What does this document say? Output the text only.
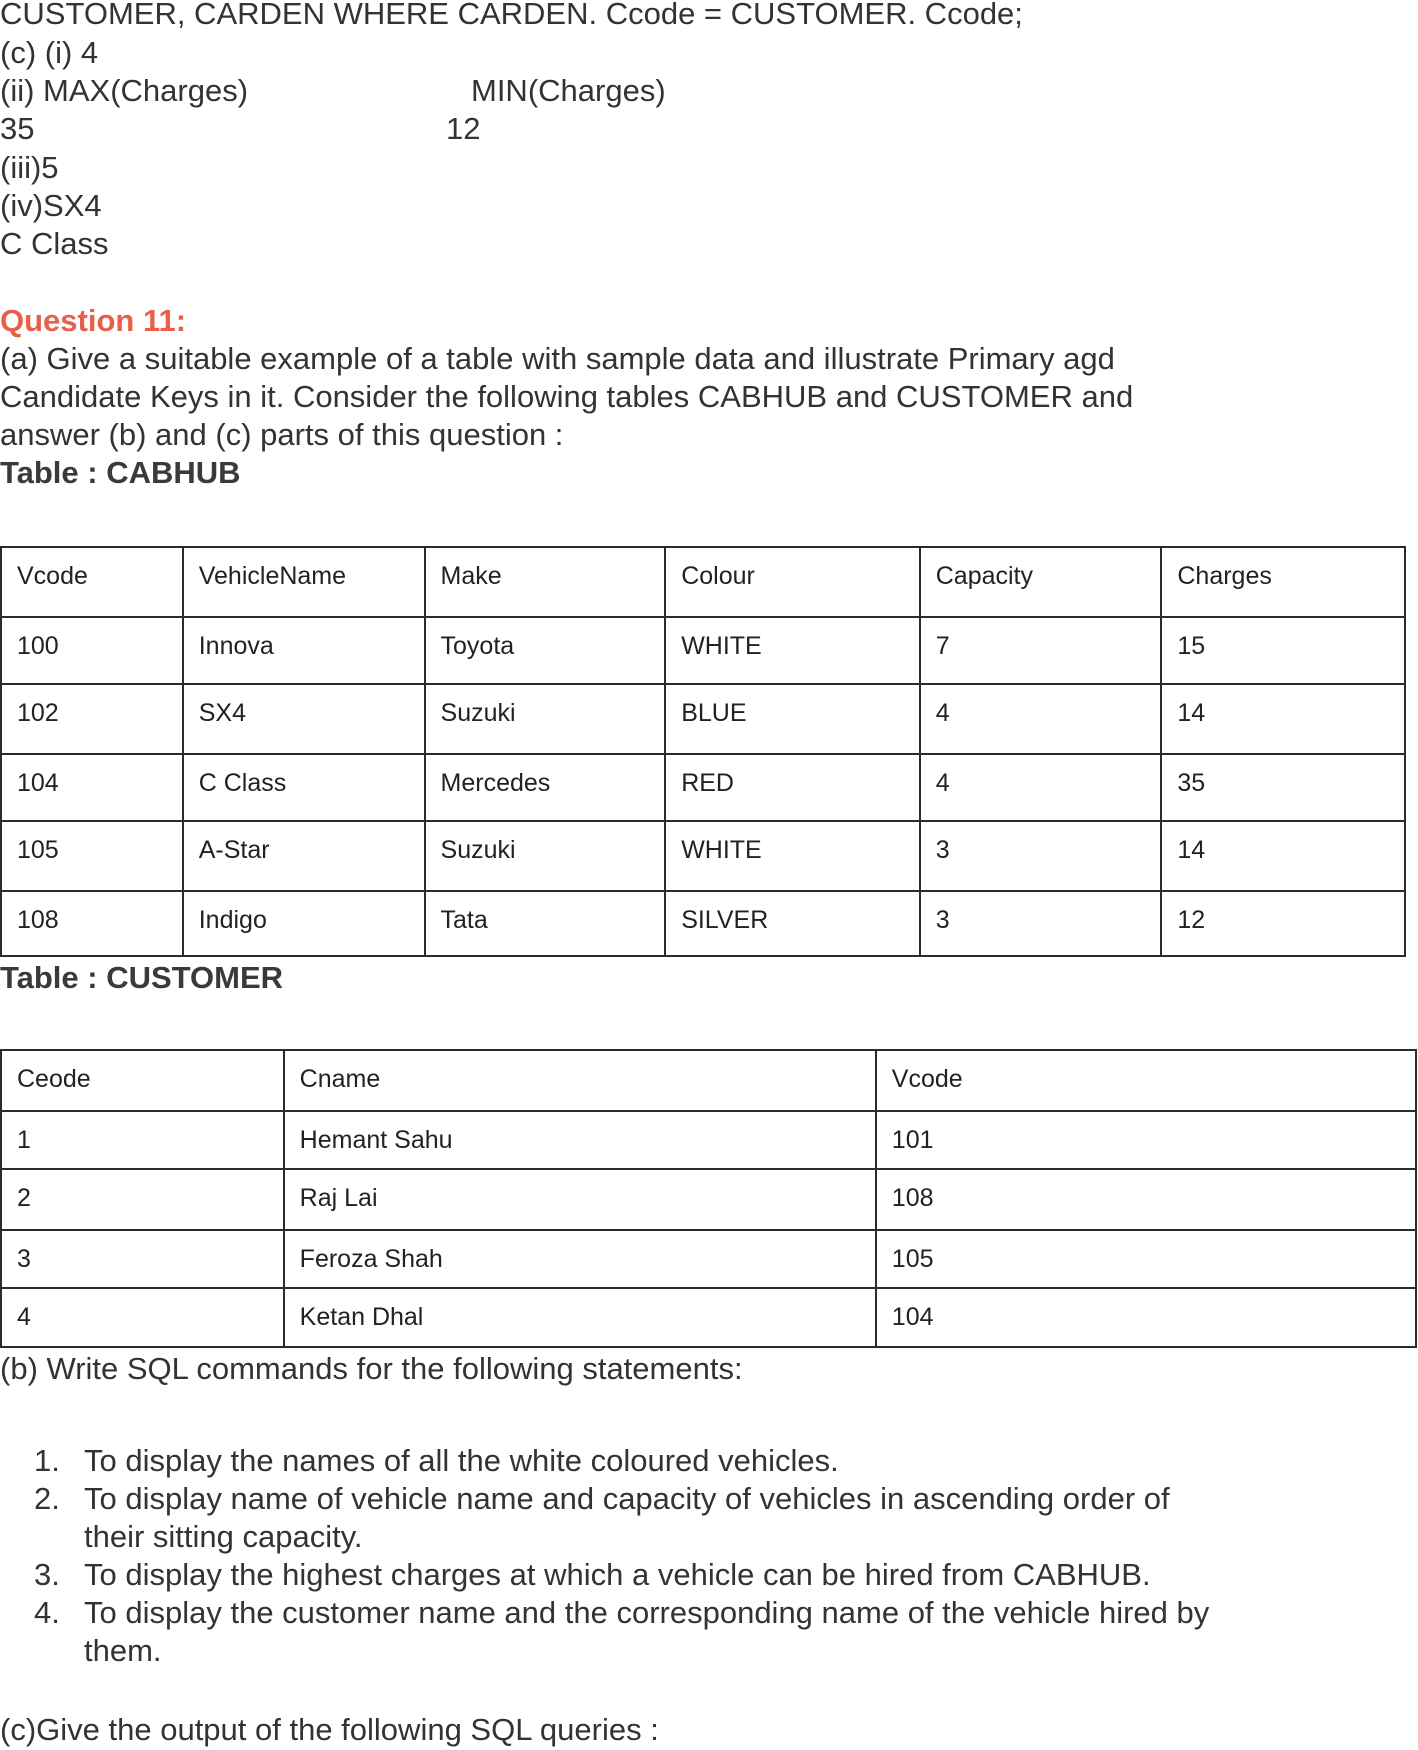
CUSTOMER, CARDEN WHERE CARDEN. Ccode = CUSTOMER. Ccode;
(c) (i) 4
(ii) MAX(Charges)	MIN(Charges)
35	12
(iii)5
(iv)SX4
C Class
Question 11:
(a) Give a suitable example of a table with sample data and illustrate Primary agd
Candidate Keys in it. Consider the following tables CABHUB and CUSTOMER and
answer (b) and (c) parts of this question :
Table : CABHUB
Vcode	VehicleName	Make	Colour	Capacity	Charges
100	Innova	Toyota	WHITE	7	15
102	SX4	Suzuki	BLUE	4	14
104	C Class	Mercedes	RED	4	35
105	A-Star	Suzuki	WHITE	3	14
108	Indigo	Tata	SILVER	3	12
Table : CUSTOMER
Ceode	Cname	Vcode
1	Hemant Sahu	101
2	Raj Lai	108
3	Feroza Shah	105
4	Ketan Dhal	104
(b) Write SQL commands for the following statements:
1. To display the names of all the white coloured vehicles.
2. To display name of vehicle name and capacity of vehicles in ascending order of
their sitting capacity.
3. To display the highest charges at which a vehicle can be hired from CABHUB.
4. To display the customer name and the corresponding name of the vehicle hired by
them.
(c)Give the output of the following SQL queries :
